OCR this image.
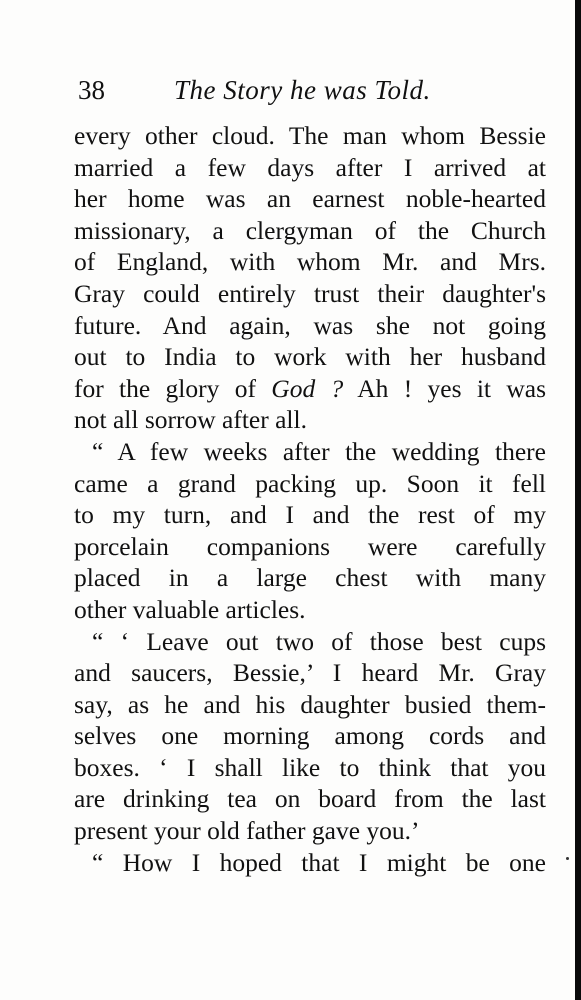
38	The Story he was Told.
every other cloud. The man whom Bessie
married a few days after I arrived at
her home was an earnest noble-hearted
missionary, a clergyman of the Church
of England, with whom Mr. and Mrs.
Gray could entirely trust their daughter's
future. And again, was she not going
out to India to work with her husband
for the glory of God ? Ah ! yes it was
not all sorrow after all.
“ A few weeks after the wedding there
came a grand packing up. Soon it fell
to my turn, and I and the rest of my
porcelain companions were carefully
placed in a large chest with many
other valuable articles.
“ ‘ Leave out two of those best cups
and saucers, Bessie,’ I heard Mr. Gray
say, as he and his daughter busied them-
selves one morning among cords and
boxes. ‘ I shall like to think that you
are drinking tea on board from the last
present your old father gave you.’
“ How I hoped that I might be one
